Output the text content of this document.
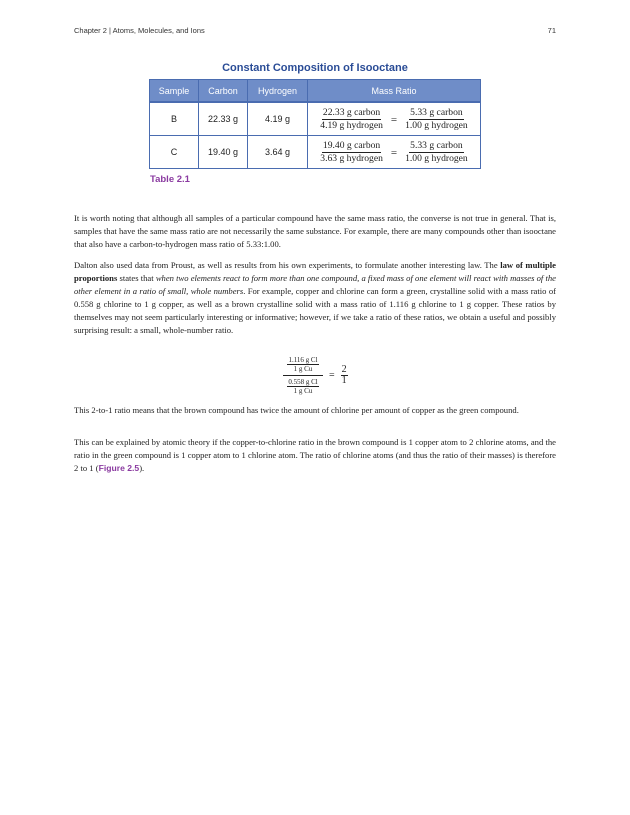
Chapter 2 | Atoms, Molecules, and Ions	71
Constant Composition of Isooctane
Sample	Carbon	Hydrogen	Mass Ratio
B	22.33 g	4.19 g	$\frac{\text{22.33 g carbon}}{\text{4.19 g hydrogen}} = \frac{\text{5.33 g carbon}}{\text{1.00 g hydrogen}}$

C	19.40 g	3.64 g	$\frac{\text{19.40 g carbon}}{\text{3.63 g hydrogen}} = \frac{\text{5.33 g carbon}}{\text{1.00 g hydrogen}}$
Table 2.1

It is worth noting that although all samples of a particular compound have the same mass ratio, the converse is not true in general. That is, samples that have the same mass ratio are not necessarily the same substance. For example, there are many compounds other than isooctane that also have a carbon-to-hydrogen mass ratio of 5.33:1.00.

Dalton also used data from Proust, as well as results from his own experiments, to formulate another interesting law. The law of multiple proportions states that when two elements react to form more than one compound, a fixed mass of one element will react with masses of the other element in a ratio of small, whole numbers. For example, copper and chlorine can form a green, crystalline solid with a mass ratio of 0.558 g chlorine to 1 g copper, as well as a brown crystalline solid with a mass ratio of 1.116 g chlorine to 1 g copper. These ratios by themselves may not seem particularly interesting or informative; however, if we take a ratio of these ratios, we obtain a useful and possibly surprising result: a small, whole-number ratio.

$\frac{\text{1.116 g Cl}}{\text{1 g Cu}}$
$\frac{\text{0.558 g Cl}}{\text{1 g Cu}}$
= $\frac{2}{1}$

This 2-to-1 ratio means that the brown compound has twice the amount of chlorine per amount of copper as the green compound.

This can be explained by atomic theory if the copper-to-chlorine ratio in the brown compound is 1 copper atom to 2 chlorine atoms, and the ratio in the green compound is 1 copper atom to 1 chlorine atom. The ratio of chlorine atoms (and thus the ratio of their masses) is therefore 2 to 1 (Figure 2.5).
